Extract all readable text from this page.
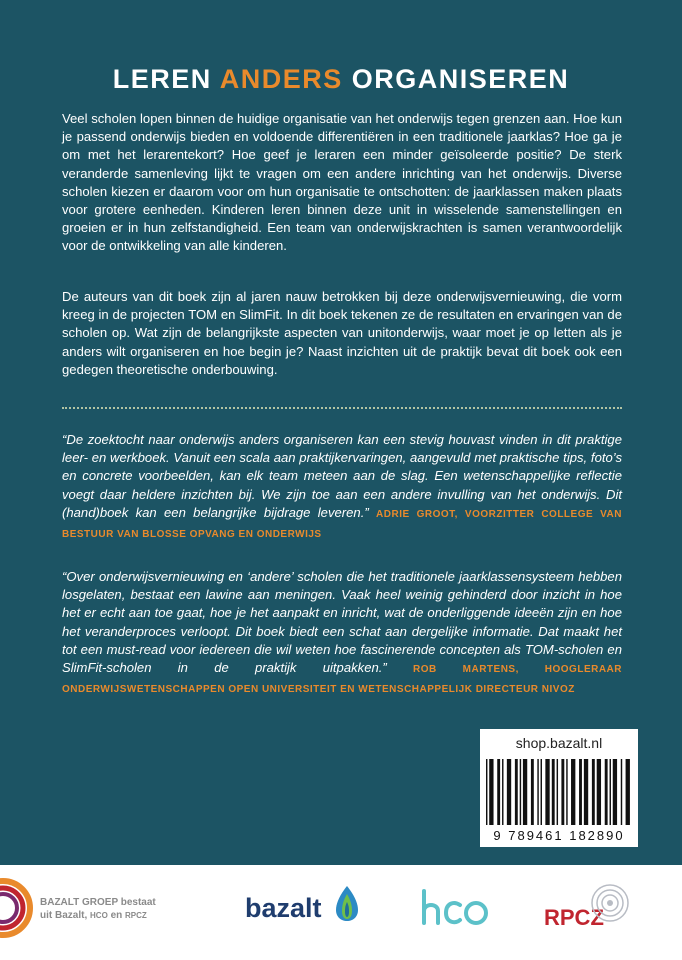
LEREN ANDERS ORGANISEREN

Veel scholen lopen binnen de huidige organisatie van het onderwijs tegen grenzen aan. Hoe kun je passend onderwijs bieden en voldoende differentiëren in een traditionele jaarklas? Hoe ga je om met het lerarentekort? Hoe geef je leraren een minder geïsoleerde positie? De sterk veranderde samenleving lijkt te vragen om een andere inrichting van het onderwijs. Diverse scholen kiezen er daarom voor om hun organisatie te ontschotten: de jaarklassen maken plaats voor grotere eenheden. Kinderen leren binnen deze unit in wisselende samenstellingen en groeien er in hun zelfstandigheid. Een team van onderwijskrachten is samen verantwoordelijk voor de ontwikkeling van alle kinderen.

De auteurs van dit boek zijn al jaren nauw betrokken bij deze onderwijsvernieuwing, die vorm kreeg in de projecten TOM en SlimFit. In dit boek tekenen ze de resultaten en ervaringen van de scholen op. Wat zijn de belangrijkste aspecten van unitonderwijs, waar moet je op letten als je anders wilt organiseren en hoe begin je? Naast inzichten uit de praktijk bevat dit boek ook een gedegen theoretische onderbouwing.

“De zoektocht naar onderwijs anders organiseren kan een stevig houvast vinden in dit praktige leer- en werkboek. Vanuit een scala aan praktijkervaringen, aangevuld met praktische tips, foto’s en concrete voorbeelden, kan elk team meteen aan de slag. Een wetenschappelijke reflectie voegt daar heldere inzichten bij. We zijn toe aan een andere invulling van het onderwijs. Dit (hand)boek kan een belangrijke bijdrage leveren.” ADRIE GROOT, VOORZITTER COLLEGE VAN BESTUUR VAN BLOSSE OPVANG EN ONDERWIJS

“Over onderwijsvernieuwing en ‘andere’ scholen die het traditionele jaarklassensysteem hebben losgelaten, bestaat een lawine aan meningen. Vaak heel weinig gehinderd door inzicht in hoe het er echt aan toe gaat, hoe je het aanpakt en inricht, wat de onderliggende ideeën zijn en hoe het veranderproces verloopt. Dit boek biedt een schat aan dergelijke informatie. Dat maakt het tot een must-read voor iedereen die wil weten hoe fascinerende concepten als TOM-scholen en SlimFit-scholen in de praktijk uitpakken.”	ROB MARTENS, HOOGLERAAR ONDERWIJSWETENSCHAPPEN OPEN UNIVERSITEIT EN WETENSCHAPPELIJK DIRECTEUR NIVOZ

shop.bazalt.nl
9 789461 182890
BAZALT GROEP bestaat
uit Bazalt, HCO en RPCZ	bazalt	RPCZ
